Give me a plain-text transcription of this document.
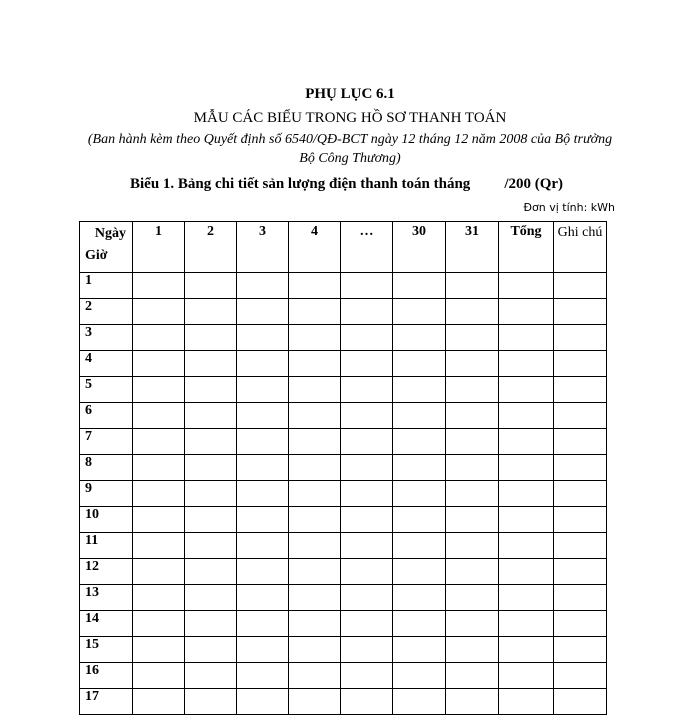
PHỤ LỤC 6.1
MẪU CÁC BIỂU TRONG HỒ SƠ THANH TOÁN
(Ban hành kèm theo Quyết định số 6540/QĐ-BCT ngày 12 tháng 12 năm 2008 của Bộ trưởng Bộ Công Thương)
Biểu 1. Bảng chi tiết sản lượng điện thanh toán tháng /200 (Qr)
Đơn vị tính: kWh
Ngày
Giờ	1	2	3	4	…	30	31	Tổng	Ghi chú
1									
2									
3									
4									
5									
6									
7									
8									
9									
10									
11									
12									
13									
14									
15									
16									
17									
